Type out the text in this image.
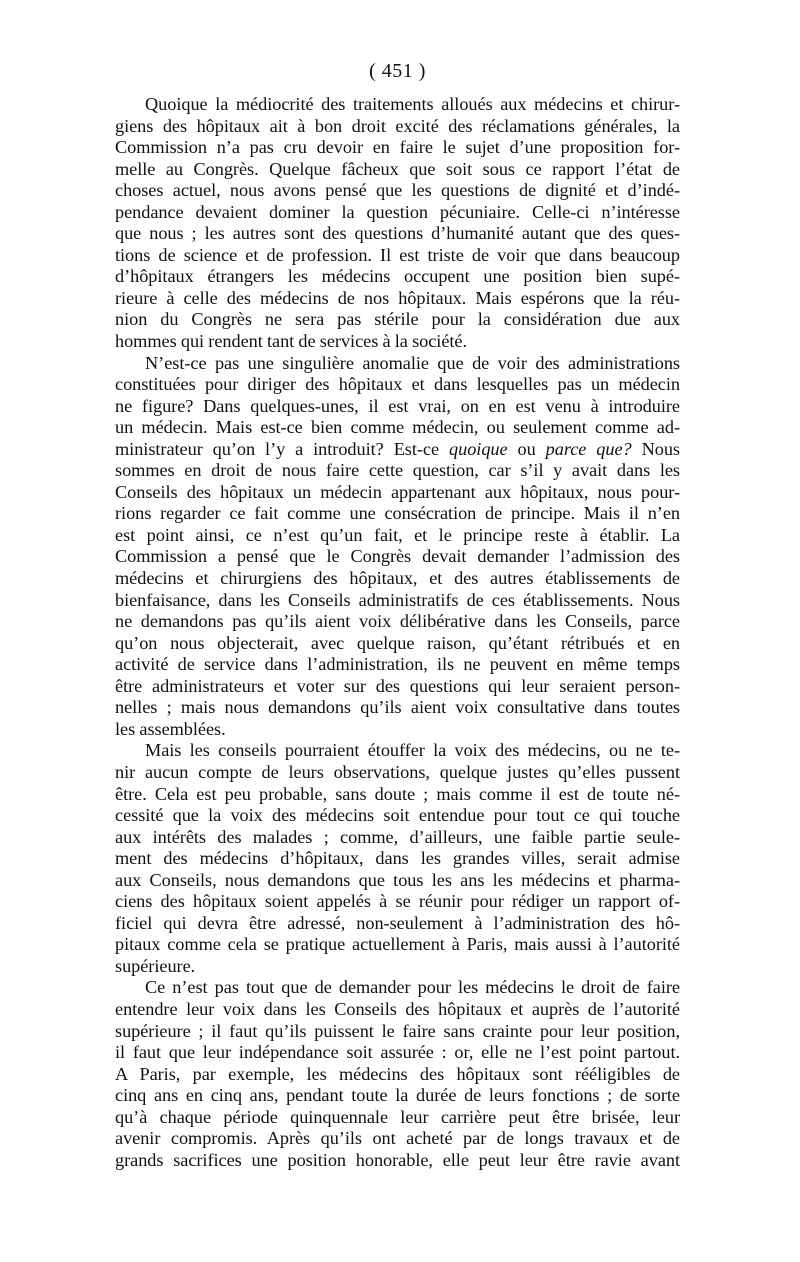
( 451 )
Quoique la médiocrité des traitements alloués aux médecins et chirur-
giens des hôpitaux ait à bon droit excité des réclamations générales, la
Commission n’a pas cru devoir en faire le sujet d’une proposition for-
melle au Congrès. Quelque fâcheux que soit sous ce rapport l’état de
choses actuel, nous avons pensé que les questions de dignité et d’indé-
pendance devaient dominer la question pécuniaire. Celle-ci n’intéresse
que nous ; les autres sont des questions d’humanité autant que des ques-
tions de science et de profession. Il est triste de voir que dans beaucoup
d’hôpitaux étrangers les médecins occupent une position bien supé-
rieure à celle des médecins de nos hôpitaux. Mais espérons que la réu-
nion du Congrès ne sera pas stérile pour la considération due aux
hommes qui rendent tant de services à la société.
N’est-ce pas une singulière anomalie que de voir des administrations
constituées pour diriger des hôpitaux et dans lesquelles pas un médecin
ne figure? Dans quelques-unes, il est vrai, on en est venu à introduire
un médecin. Mais est-ce bien comme médecin, ou seulement comme ad-
ministrateur qu’on l’y a introduit? Est-ce quoique ou parce que? Nous
sommes en droit de nous faire cette question, car s’il y avait dans les
Conseils des hôpitaux un médecin appartenant aux hôpitaux, nous pour-
rions regarder ce fait comme une consécration de principe. Mais il n’en
est point ainsi, ce n’est qu’un fait, et le principe reste à établir. La
Commission a pensé que le Congrès devait demander l’admission des
médecins et chirurgiens des hôpitaux, et des autres établissements de
bienfaisance, dans les Conseils administratifs de ces établissements. Nous
ne demandons pas qu’ils aient voix délibérative dans les Conseils, parce
qu’on nous objecterait, avec quelque raison, qu’étant rétribués et en
activité de service dans l’administration, ils ne peuvent en même temps
être administrateurs et voter sur des questions qui leur seraient person-
nelles ; mais nous demandons qu’ils aient voix consultative dans toutes
les assemblées.
Mais les conseils pourraient étouffer la voix des médecins, ou ne te-
nir aucun compte de leurs observations, quelque justes qu’elles pussent
être. Cela est peu probable, sans doute ; mais comme il est de toute né-
cessité que la voix des médecins soit entendue pour tout ce qui touche
aux intérêts des malades ; comme, d’ailleurs, une faible partie seule-
ment des médecins d’hôpitaux, dans les grandes villes, serait admise
aux Conseils, nous demandons que tous les ans les médecins et pharma-
ciens des hôpitaux soient appelés à se réunir pour rédiger un rapport of-
ficiel qui devra être adressé, non-seulement à l’administration des hô-
pitaux comme cela se pratique actuellement à Paris, mais aussi à l’autorité
supérieure.
Ce n’est pas tout que de demander pour les médecins le droit de faire
entendre leur voix dans les Conseils des hôpitaux et auprès de l’autorité
supérieure ; il faut qu’ils puissent le faire sans crainte pour leur position,
il faut que leur indépendance soit assurée : or, elle ne l’est point partout.
A Paris, par exemple, les médecins des hôpitaux sont rééligibles de
cinq ans en cinq ans, pendant toute la durée de leurs fonctions ; de sorte
qu’à chaque période quinquennale leur carrière peut être brisée, leur
avenir compromis. Après qu’ils ont acheté par de longs travaux et de
grands sacrifices une position honorable, elle peut leur être ravie avant
